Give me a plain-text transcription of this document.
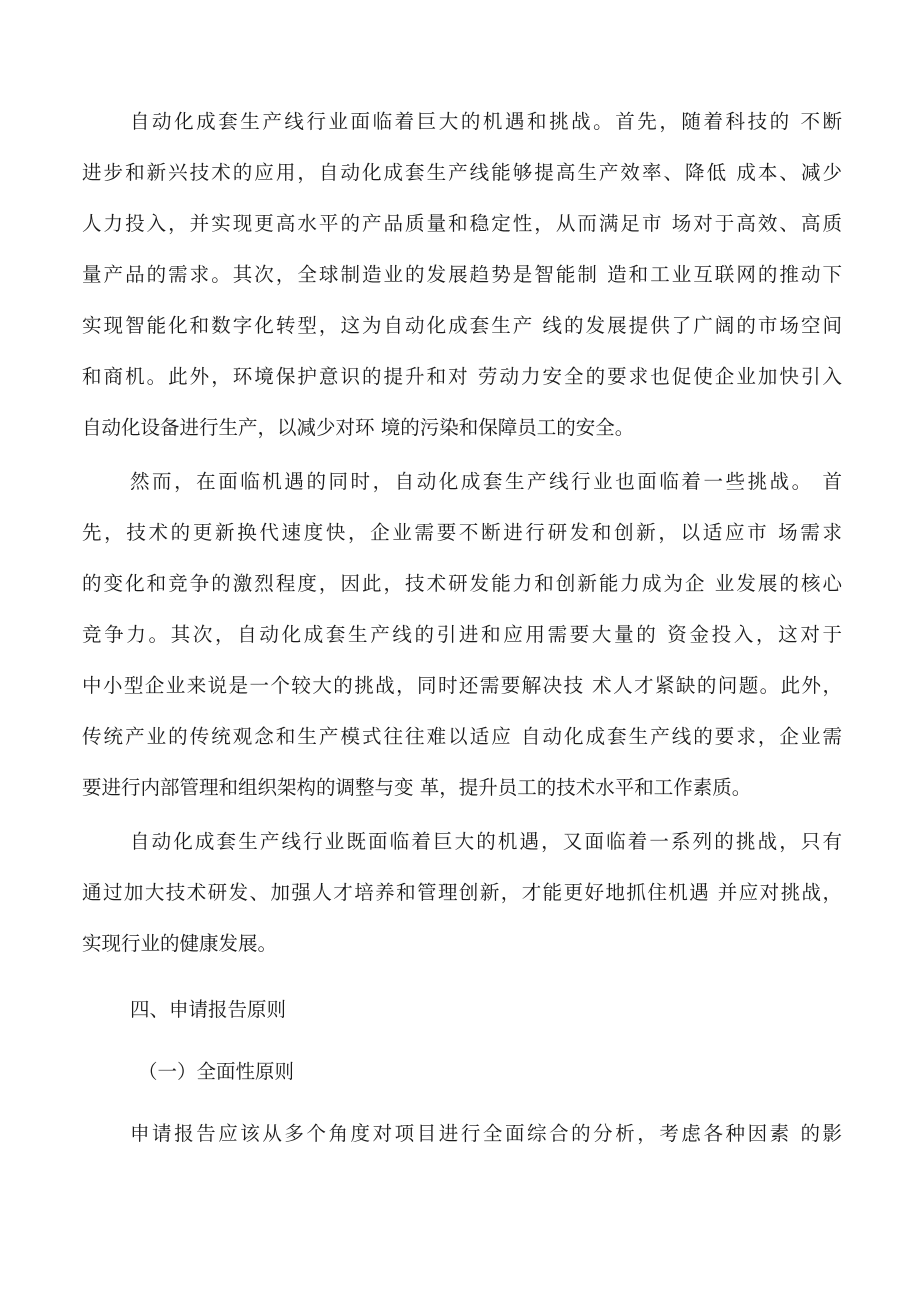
自动化成套生产线行业面临着巨大的机遇和挑战。首先，随着科技的 不断
进步和新兴技术的应用，自动化成套生产线能够提高生产效率、降低 成本、减少
人力投入，并实现更高水平的产品质量和稳定性，从而满足市 场对于高效、高质
量产品的需求。其次，全球制造业的发展趋势是智能制 造和工业互联网的推动下
实现智能化和数字化转型，这为自动化成套生产 线的发展提供了广阔的市场空间
和商机。此外，环境保护意识的提升和对 劳动力安全的要求也促使企业加快引入
自动化设备进行生产，以减少对环 境的污染和保障员工的安全。
然而，在面临机遇的同时，自动化成套生产线行业也面临着一些挑战。 首
先，技术的更新换代速度快，企业需要不断进行研发和创新，以适应市 场需求
的变化和竞争的激烈程度，因此，技术研发能力和创新能力成为企 业发展的核心
竞争力。其次，自动化成套生产线的引进和应用需要大量的 资金投入，这对于
中小型企业来说是一个较大的挑战，同时还需要解决技 术人才紧缺的问题。此外，
传统产业的传统观念和生产模式往往难以适应 自动化成套生产线的要求，企业需
要进行内部管理和组织架构的调整与变 革，提升员工的技术水平和工作素质。
自动化成套生产线行业既面临着巨大的机遇，又面临着一系列的挑战，只有
通过加大技术研发、加强人才培养和管理创新，才能更好地抓住机遇 并应对挑战，
实现行业的健康发展。
四、申请报告原则
（一）全面性原则
申请报告应该从多个角度对项目进行全面综合的分析，考虑各种因素 的影
